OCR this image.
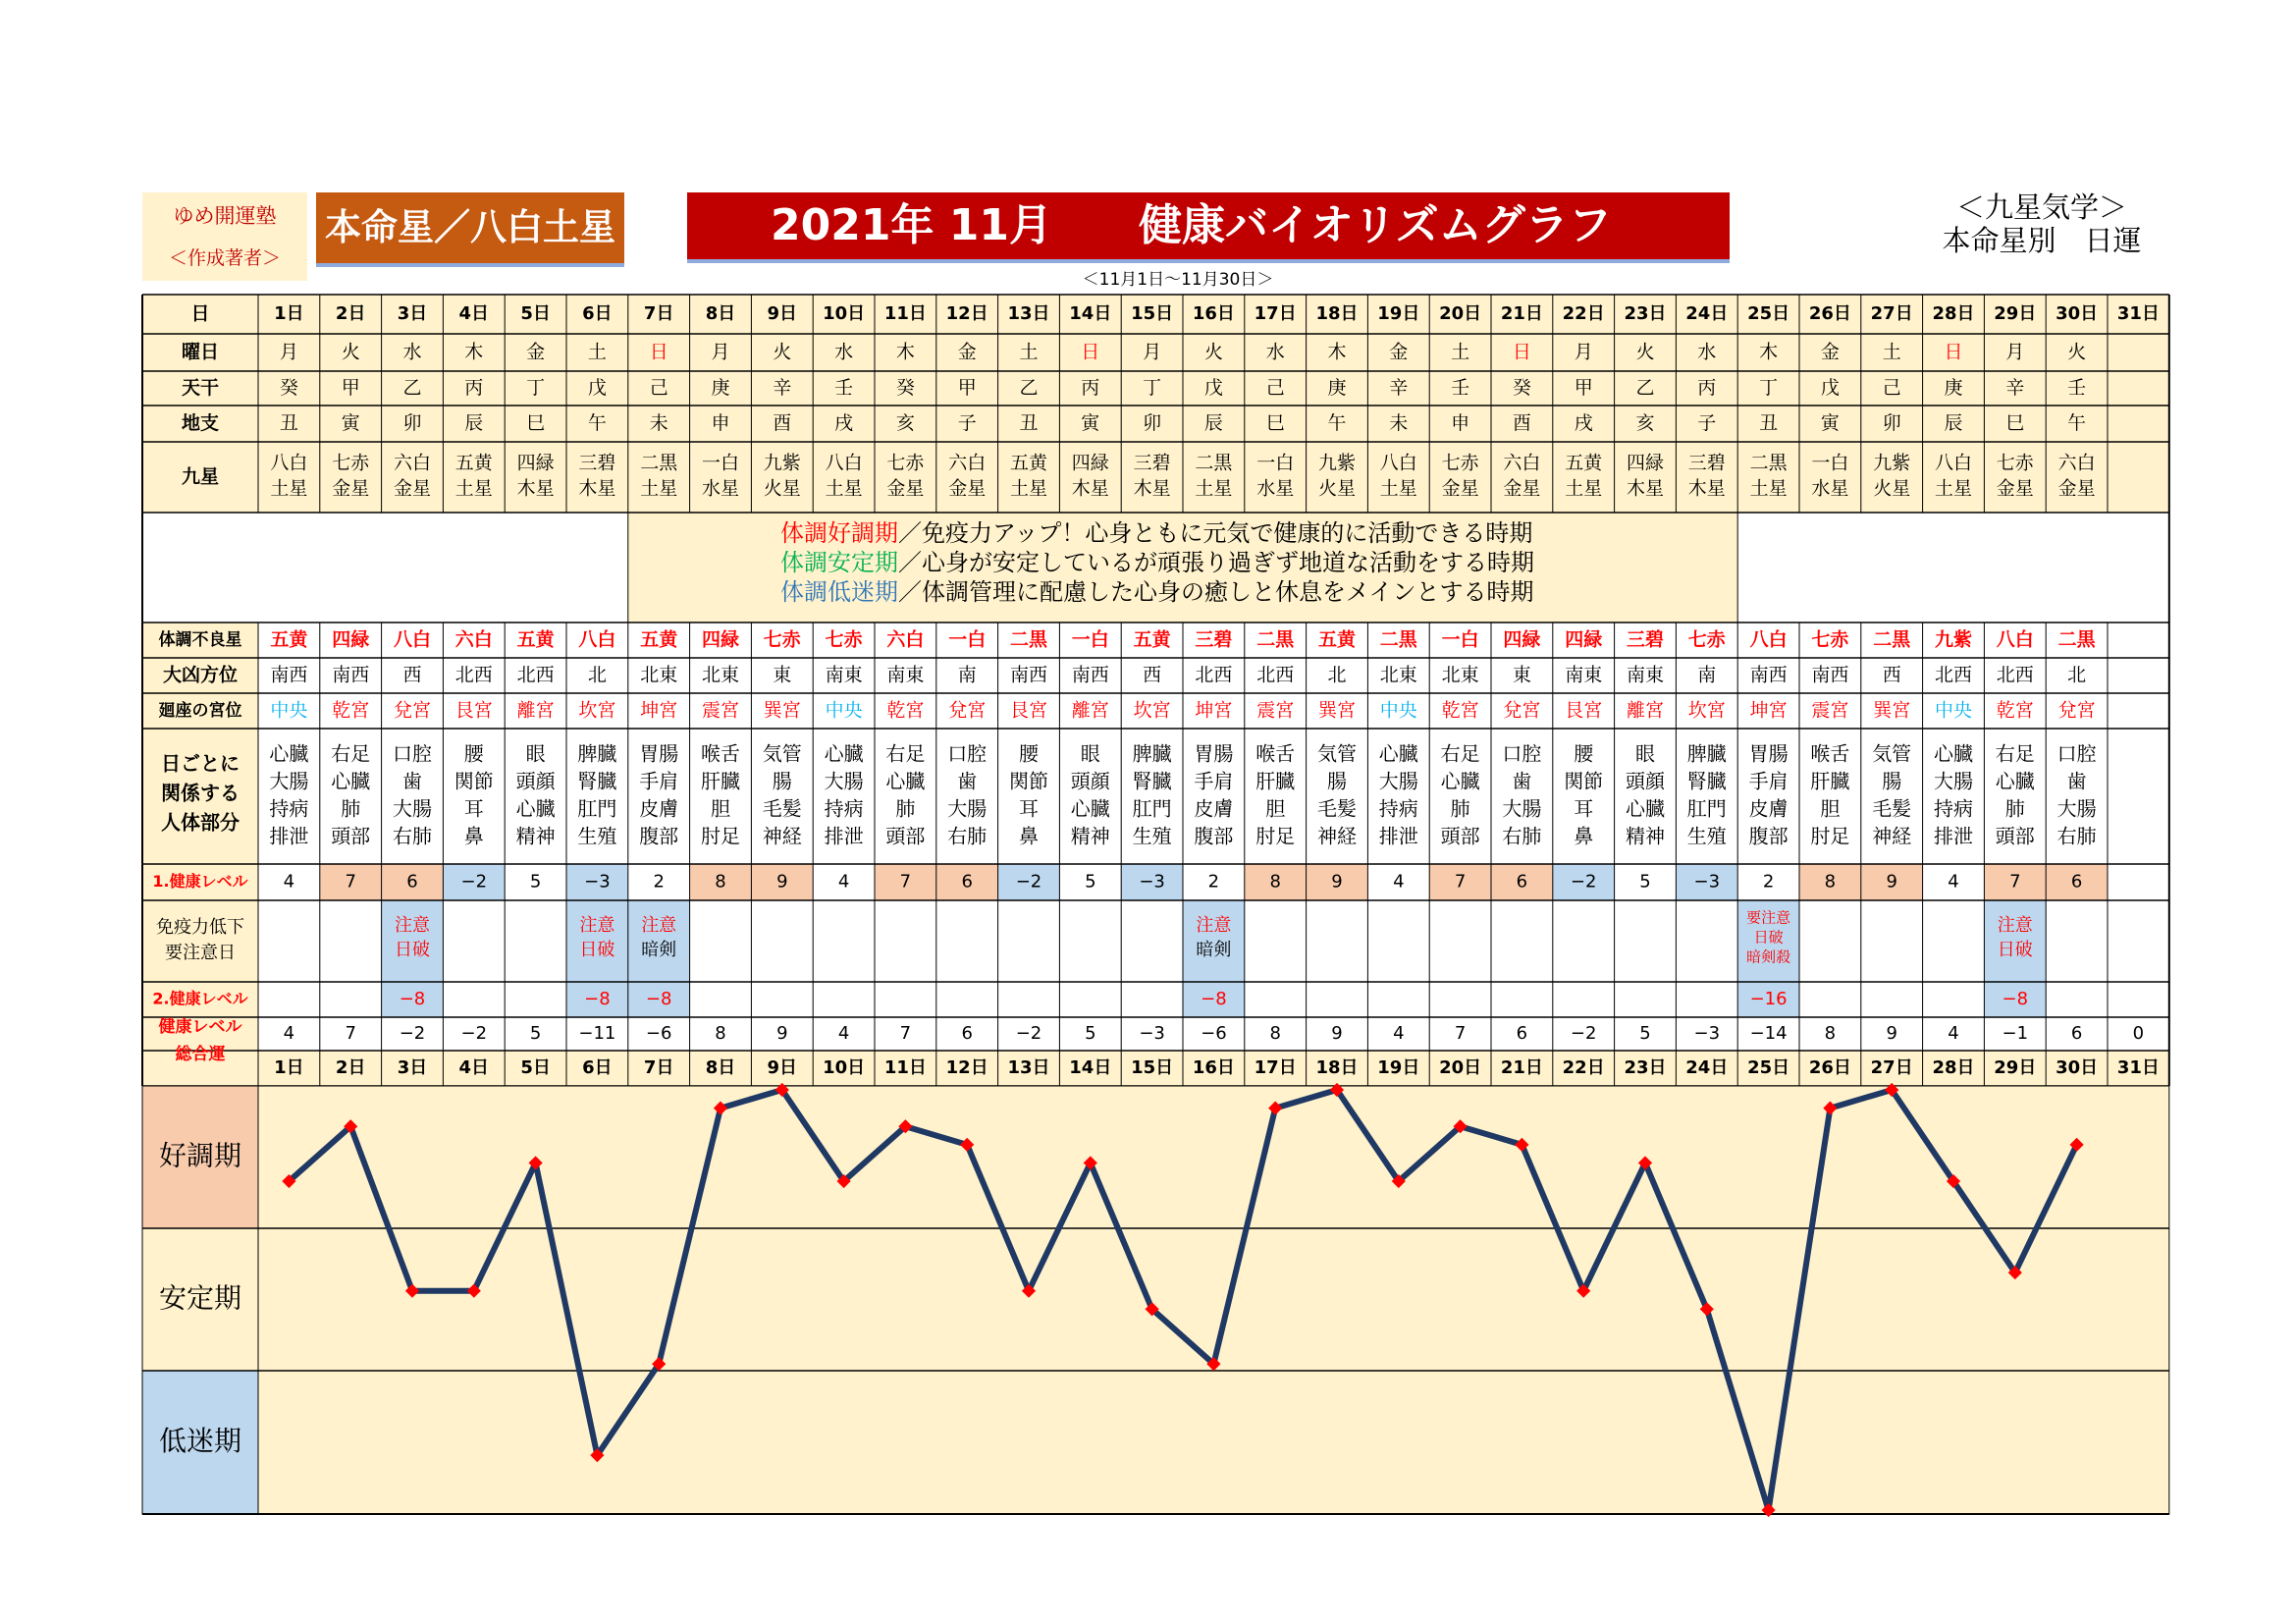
ゆめ開運塾
＜作成著者＞
本命星／八白土星	2021年 11月 健康バイオリズムグラフ
＜11月1日～11月30日＞
＜九星気学＞
本命星別　日運
日
曜日
天干
地支
九星
体調不良星
大凶方位
廻座の宮位
日ごとに
関係する
人体部分
1.健康レベル
免疫力低下
要注意日
2.健康レベル
健康レベル
総合運
体調好調期／免疫力アップ！心身ともに元気で健康的に活動できる時期
体調安定期／心身が安定しているが頑張り過ぎず地道な活動をする時期
体調低迷期／体調管理に配慮した心身の癒しと休息をメインとする時期
1日
1日
月
癸
丑
八白
土星
五黄
南西
中央
心臓
大腸
持病
排泄
4
4
2日
2日
火
甲
寅
七赤
金星
四緑
南西
乾宮
右足
心臓
肺
頭部
7
7
3日
3日
水
乙
卯
六白
金星
八白
西
兌宮
口腔
歯
大腸
右肺
6
注意
日破
−8
−2
4日
4日
木
丙
辰
五黄
土星
六白
北西
艮宮
腰
関節
耳
鼻
−2
−2
5日
5日
金
丁
巳
四緑
木星
五黄
北西
離宮
眼
頭顔
心臓
精神
5
5
6日
6日
土
戊
午
三碧
木星
八白
北
坎宮
脾臓
腎臓
肛門
生殖
−3
注意
日破
−8
−11
7日
7日
日
己
未
二黒
土星
五黄
北東
坤宮
胃腸
手肩
皮膚
腹部
2
注意
暗剣
−8
−6
8日
8日
月
庚
申
一白
水星
四緑
北東
震宮
喉舌
肝臓
胆
肘足
8
8
9日
9日
火
辛
酉
九紫
火星
七赤
東
巽宮
気管
腸
毛髪
神経
9
9
10日
10日
水
壬
戌
八白
土星
七赤
南東
中央
心臓
大腸
持病
排泄
4
4
11日
11日
木
癸
亥
七赤
金星
六白
南東
乾宮
右足
心臓
肺
頭部
7
7
12日
12日
金
甲
子
六白
金星
一白
南
兌宮
口腔
歯
大腸
右肺
6
6
13日
13日
土
乙
丑
五黄
土星
二黒
南西
艮宮
腰
関節
耳
鼻
−2
−2
14日
14日
日
丙
寅
四緑
木星
一白
南西
離宮
眼
頭顔
心臓
精神
5
5
15日
15日
月
丁
卯
三碧
木星
五黄
西
坎宮
脾臓
腎臓
肛門
生殖
−3
−3
16日
16日
火
戊
辰
二黒
土星
三碧
北西
坤宮
胃腸
手肩
皮膚
腹部
2
注意
暗剣
−8
−6
17日
17日
水
己
巳
一白
水星
二黒
北西
震宮
喉舌
肝臓
胆
肘足
8
8
18日
18日
木
庚
午
九紫
火星
五黄
北
巽宮
気管
腸
毛髪
神経
9
9
19日
19日
金
辛
未
八白
土星
二黒
北東
中央
心臓
大腸
持病
排泄
4
4
20日
20日
土
壬
申
七赤
金星
一白
北東
乾宮
右足
心臓
肺
頭部
7
7
21日
21日
日
癸
酉
六白
金星
四緑
東
兌宮
口腔
歯
大腸
右肺
6
6
22日
22日
月
甲
戌
五黄
土星
四緑
南東
艮宮
腰
関節
耳
鼻
−2
−2
23日
23日
火
乙
亥
四緑
木星
三碧
南東
離宮
眼
頭顔
心臓
精神
5
5
24日
24日
水
丙
子
三碧
木星
七赤
南
坎宮
脾臓
腎臓
肛門
生殖
−3
−3
25日
25日
木
丁
丑
二黒
土星
八白
南西
坤宮
胃腸
手肩
皮膚
腹部
2
要注意
日破
暗剣殺
−16
−14
26日
26日
金
戊
寅
一白
水星
七赤
南西
震宮
喉舌
肝臓
胆
肘足
8
8
27日
27日
土
己
卯
九紫
火星
二黒
西
巽宮
気管
腸
毛髪
神経
9
9
28日
28日
日
庚
辰
八白
土星
九紫
北西
中央
心臓
大腸
持病
排泄
4
4
29日
29日
月
辛
巳
七赤
金星
八白
北西
乾宮
右足
心臓
肺
頭部
7
注意
日破
−8
−1
30日
30日
火
壬
午
六白
金星
二黒
北
兌宮
口腔
歯
大腸
右肺
6
6
31日
31日
0
好調期
安定期
低迷期
